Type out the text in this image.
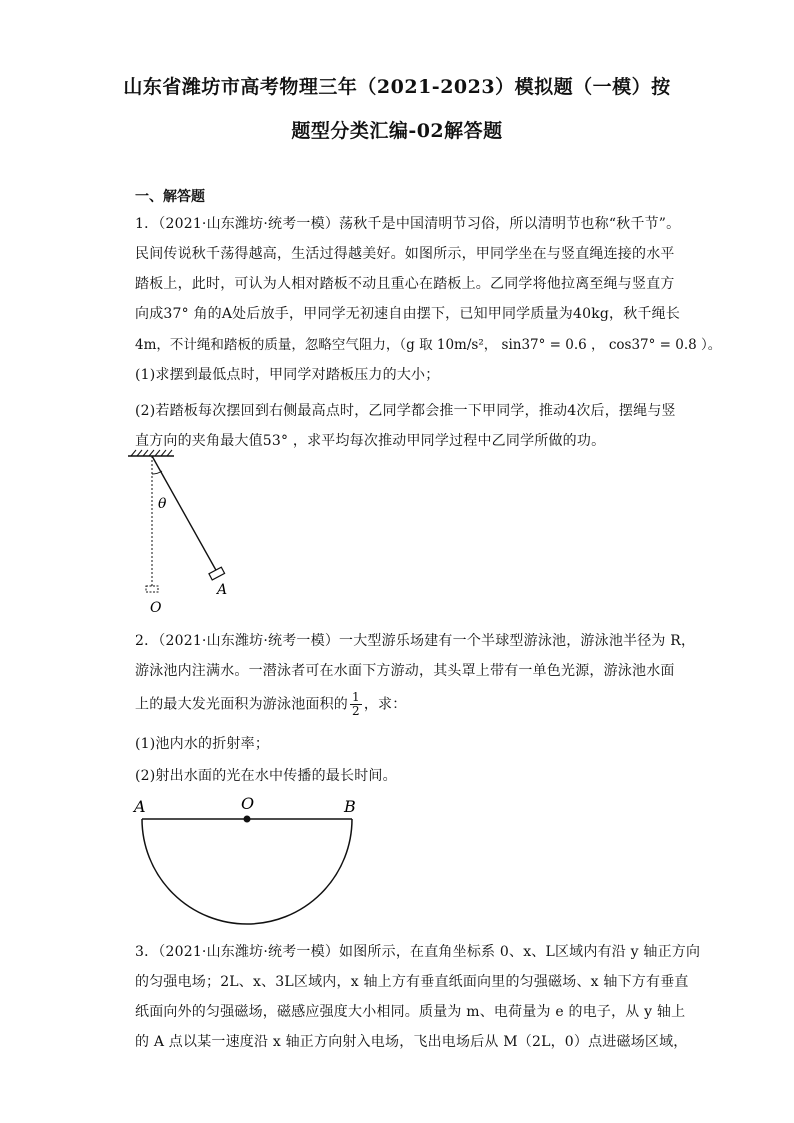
山东省潍坊市高考物理三年（2021-2023）模拟题（一模）按
题型分类汇编-02解答题
一、解答题
1．（2021·山东潍坊·统考一模）荡秋千是中国清明节习俗，所以清明节也称“秋千节”。
民间传说秋千荡得越高，生活过得越美好。如图所示，甲同学坐在与竖直绳连接的水平
踏板上，此时，可认为人相对踏板不动且重心在踏板上。乙同学将他拉离至绳与竖直方
向成37° 角的A处后放手，甲同学无初速自由摆下，已知甲同学质量为40kg，秋千绳长
4m，不计绳和踏板的质量，忽略空气阻力，（g 取 10m/s²， sin37° = 0.6 ， cos37° = 0.8 ）。
(1)求摆到最低点时，甲同学对踏板压力的大小；
(2)若踏板每次摆回到右侧最高点时，乙同学都会推一下甲同学，推动4次后，摆绳与竖
直方向的夹角最大值53° ，求平均每次推动甲同学过程中乙同学所做的功。
θ
O
A
2．（2021·山东潍坊·统考一模）一大型游乐场建有一个半球型游泳池，游泳池半径为 R，
游泳池内注满水。一潜泳者可在水面下方游动，其头罩上带有一单色光源，游泳池水面
上的最大发光面积为游泳池面积的 $\frac{1}{2}$ ，求：
(1)池内水的折射率；
(2)射出水面的光在水中传播的最长时间。
A	O	B
3．（2021·山东潍坊·统考一模）如图所示，在直角坐标系 0、x、L区域内有沿 y 轴正方向
的匀强电场；2L、x、3L区域内，x 轴上方有垂直纸面向里的匀强磁场、x 轴下方有垂直
纸面向外的匀强磁场，磁感应强度大小相同。质量为 m、电荷量为 e 的电子，从 y 轴上
的 A 点以某一速度沿 x 轴正方向射入电场，飞出电场后从 M（2L，0）点进磁场区域，
